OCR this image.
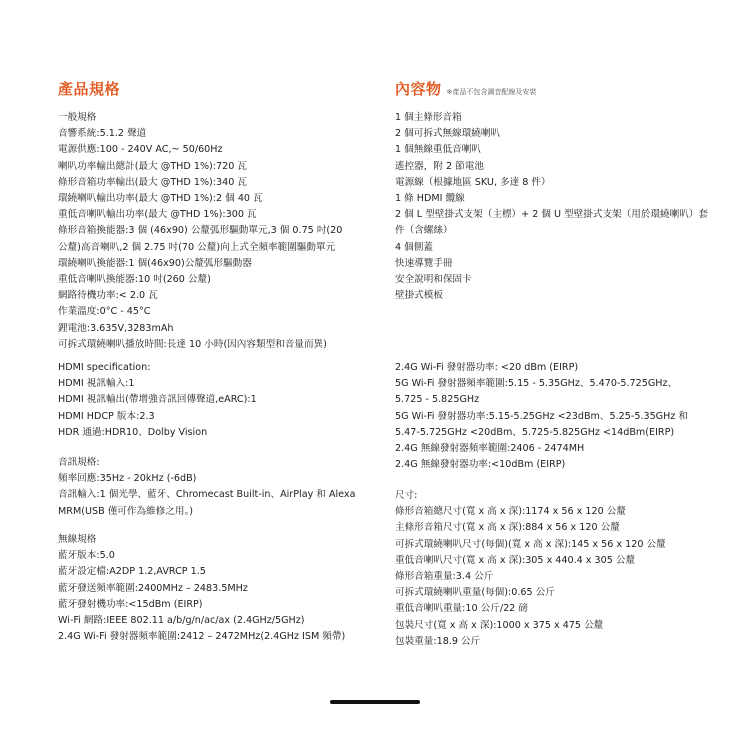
產品規格
一般規格
音響系統:5.1.2 聲道
電源供應:100 - 240V AC,~ 50/60Hz
喇叭功率輸出總計(最大 @THD 1%):720 瓦
條形音箱功率輸出(最大 @THD 1%):340 瓦
環繞喇叭輸出功率(最大 @THD 1%):2 個 40 瓦
重低音喇叭輸出功率(最大 @THD 1%):300 瓦
條形音箱換能器:3 個 (46x90) 公釐弧形驅動單元,3 個 0.75 吋(20
公釐)高音喇叭,2 個 2.75 吋(70 公釐)向上式全頻率範圍驅動單元
環繞喇叭換能器:1 個(46x90)公釐弧形驅動器
重低音喇叭換能器:10 吋(260 公釐)
網路待機功率:< 2.0 瓦
作業溫度:0°C - 45°C
鋰電池:3.635V,3283mAh
可拆式環繞喇叭播放時間:長達 10 小時(因內容類型和音量而異)
HDMI specification:
HDMI 視訊輸入:1
HDMI 視訊輸出(帶增強音訊回傳聲道,eARC):1
HDMI HDCP 版本:2.3
HDR 通過:HDR10、Dolby Vision
音訊規格:
頻率回應:35Hz - 20kHz (-6dB)
音訊輸入:1 個光學、藍牙、Chromecast Built-in、AirPlay 和 Alexa
MRM(USB 僅可作為維修之用。)
無線規格
藍牙版本:5.0
藍牙設定檔:A2DP 1.2,AVRCP 1.5
藍牙發送頻率範圍:2400MHz – 2483.5MHz
藍牙發射機功率:<15dBm (EIRP)
Wi-Fi 網路:IEEE 802.11 a/b/g/n/ac/ax (2.4GHz/5GHz)
2.4G Wi-Fi 發射器頻率範圍:2412 – 2472MHz(2.4GHz ISM 頻帶)
內容物 ※產品不包含調音配線及安裝
1 個主條形音箱
2 個可拆式無線環繞喇叭
1 個無線重低音喇叭
遙控器，附 2 節電池
電源線（根據地區 SKU, 多達 8 件）
1 條 HDMI 纜線
2 個 L 型壁掛式支架（主標）+ 2 個 U 型壁掛式支架（用於環繞喇叭）套
件（含螺絲）
4 個側蓋
快速導覽手冊
安全說明和保固卡
壁掛式模板
2.4G Wi-Fi 發射器功率: <20 dBm (EIRP)
5G Wi-Fi 發射器頻率範圍:5.15 - 5.35GHz、5.470-5.725GHz、
5.725 - 5.825GHz
5G Wi-Fi 發射器功率:5.15-5.25GHz <23dBm、5.25-5.35GHz 和
5.47-5.725GHz <20dBm、5.725-5.825GHz <14dBm(EIRP)
2.4G 無線發射器頻率範圍:2406 - 2474MH
2.4G 無線發射器功率:<10dBm (EIRP)
尺寸:
條形音箱總尺寸(寬 x 高 x 深):1174 x 56 x 120 公釐
主條形音箱尺寸(寬 x 高 x 深):884 x 56 x 120 公釐
可拆式環繞喇叭尺寸(每個)(寬 x 高 x 深):145 x 56 x 120 公釐
重低音喇叭尺寸(寬 x 高 x 深):305 x 440.4 x 305 公釐
條形音箱重量:3.4 公斤
可拆式環繞喇叭重量(每個):0.65 公斤
重低音喇叭重量:10 公斤/22 磅
包裝尺寸(寬 x 高 x 深):1000 x 375 x 475 公釐
包裝重量:18.9 公斤
